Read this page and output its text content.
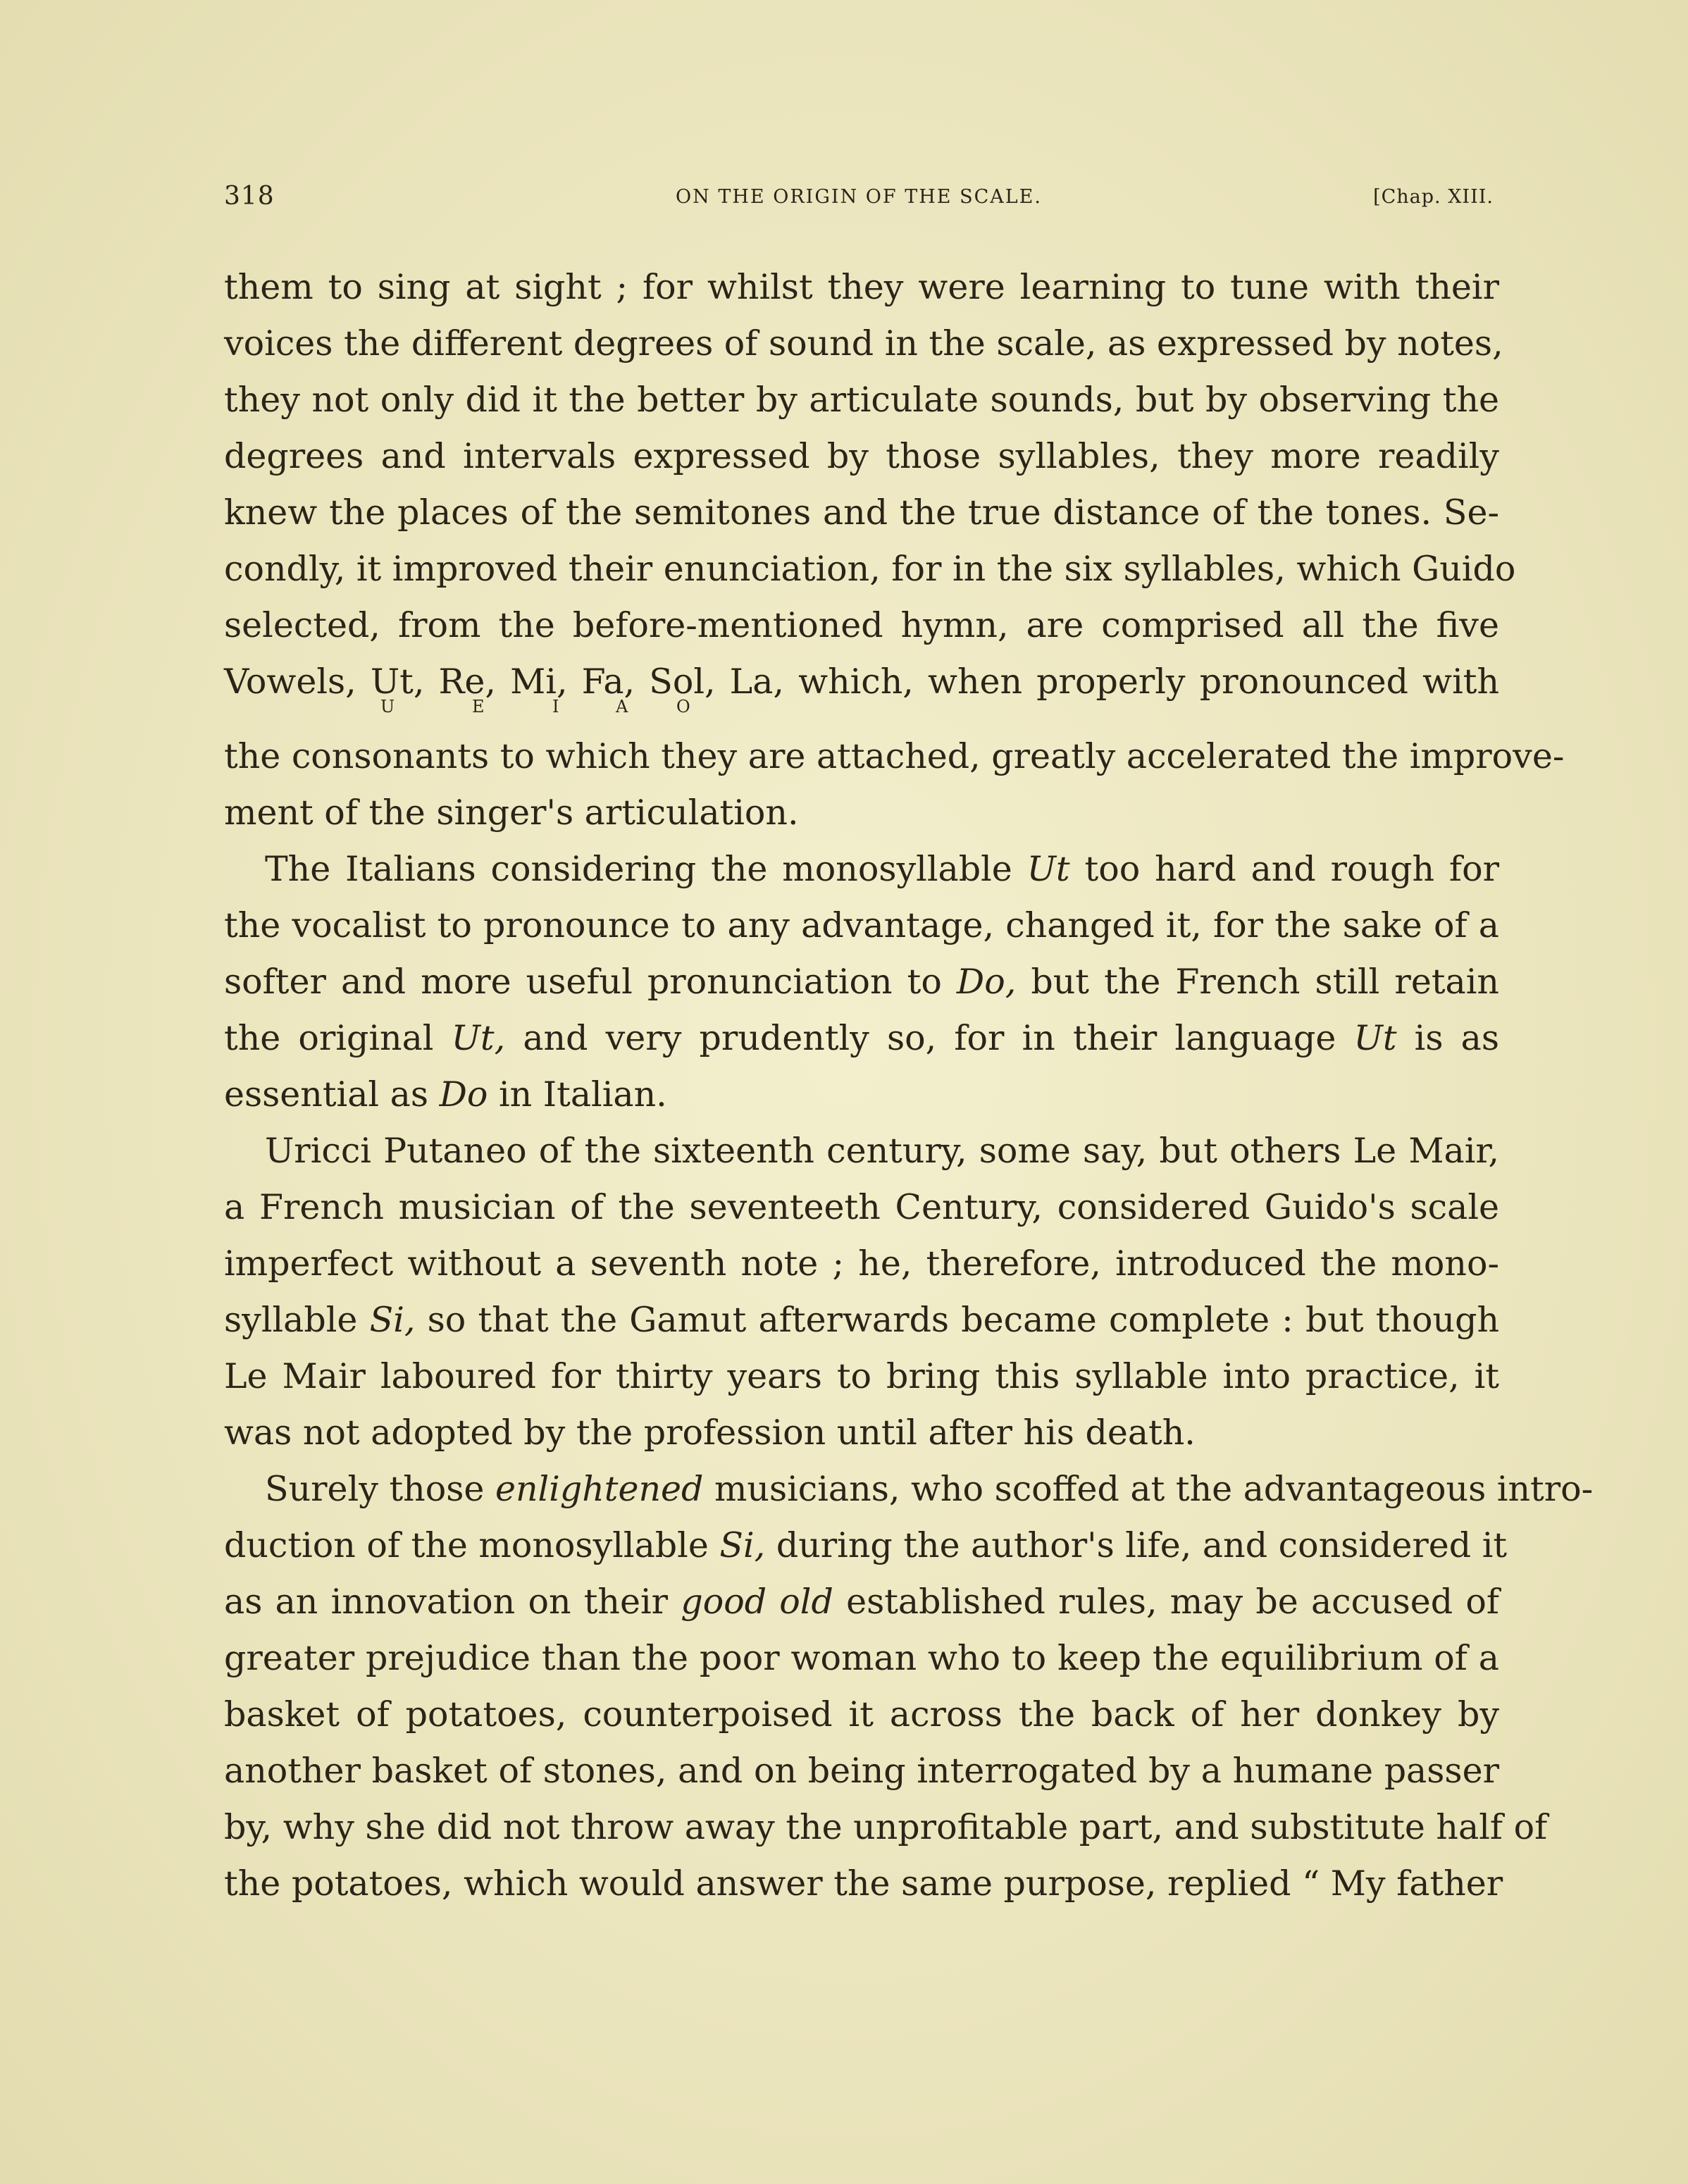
318	ON THE ORIGIN OF THE SCALE.	[Chap. XIII.
them to sing at sight ; for whilst they were learning to tune with their
voices the different degrees of sound in the scale, as expressed by notes,
they not only did it the better by articulate sounds, but by observing the
degrees and intervals expressed by those syllables, they more readily
knew the places of the semitones and the true distance of the tones. Se-
condly, it improved their enunciation, for in the six syllables, which Guido
selected, from the before-mentioned hymn, are comprised all the five
Vowels, Ut, Re, Mi, Fa, Sol, La, which, when properly pronounced with
U	E	I	A	O
the consonants to which they are attached, greatly accelerated the improve-
ment of the singer's articulation.
The Italians considering the monosyllable Ut too hard and rough for
the vocalist to pronounce to any advantage, changed it, for the sake of a
softer and more useful pronunciation to Do, but the French still retain
the original Ut, and very prudently so, for in their language Ut is as
essential as Do in Italian.
Uricci Putaneo of the sixteenth century, some say, but others Le Mair,
a French musician of the seventeeth Century, considered Guido's scale
imperfect without a seventh note ; he, therefore, introduced the mono-
syllable Si, so that the Gamut afterwards became complete : but though
Le Mair laboured for thirty years to bring this syllable into practice, it
was not adopted by the profession until after his death.
Surely those enlightened musicians, who scoffed at the advantageous intro-
duction of the monosyllable Si, during the author's life, and considered it
as an innovation on their good old established rules, may be accused of
greater prejudice than the poor woman who to keep the equilibrium of a
basket of potatoes, counterpoised it across the back of her donkey by
another basket of stones, and on being interrogated by a humane passer
by, why she did not throw away the unprofitable part, and substitute half of
the potatoes, which would answer the same purpose, replied “ My father
